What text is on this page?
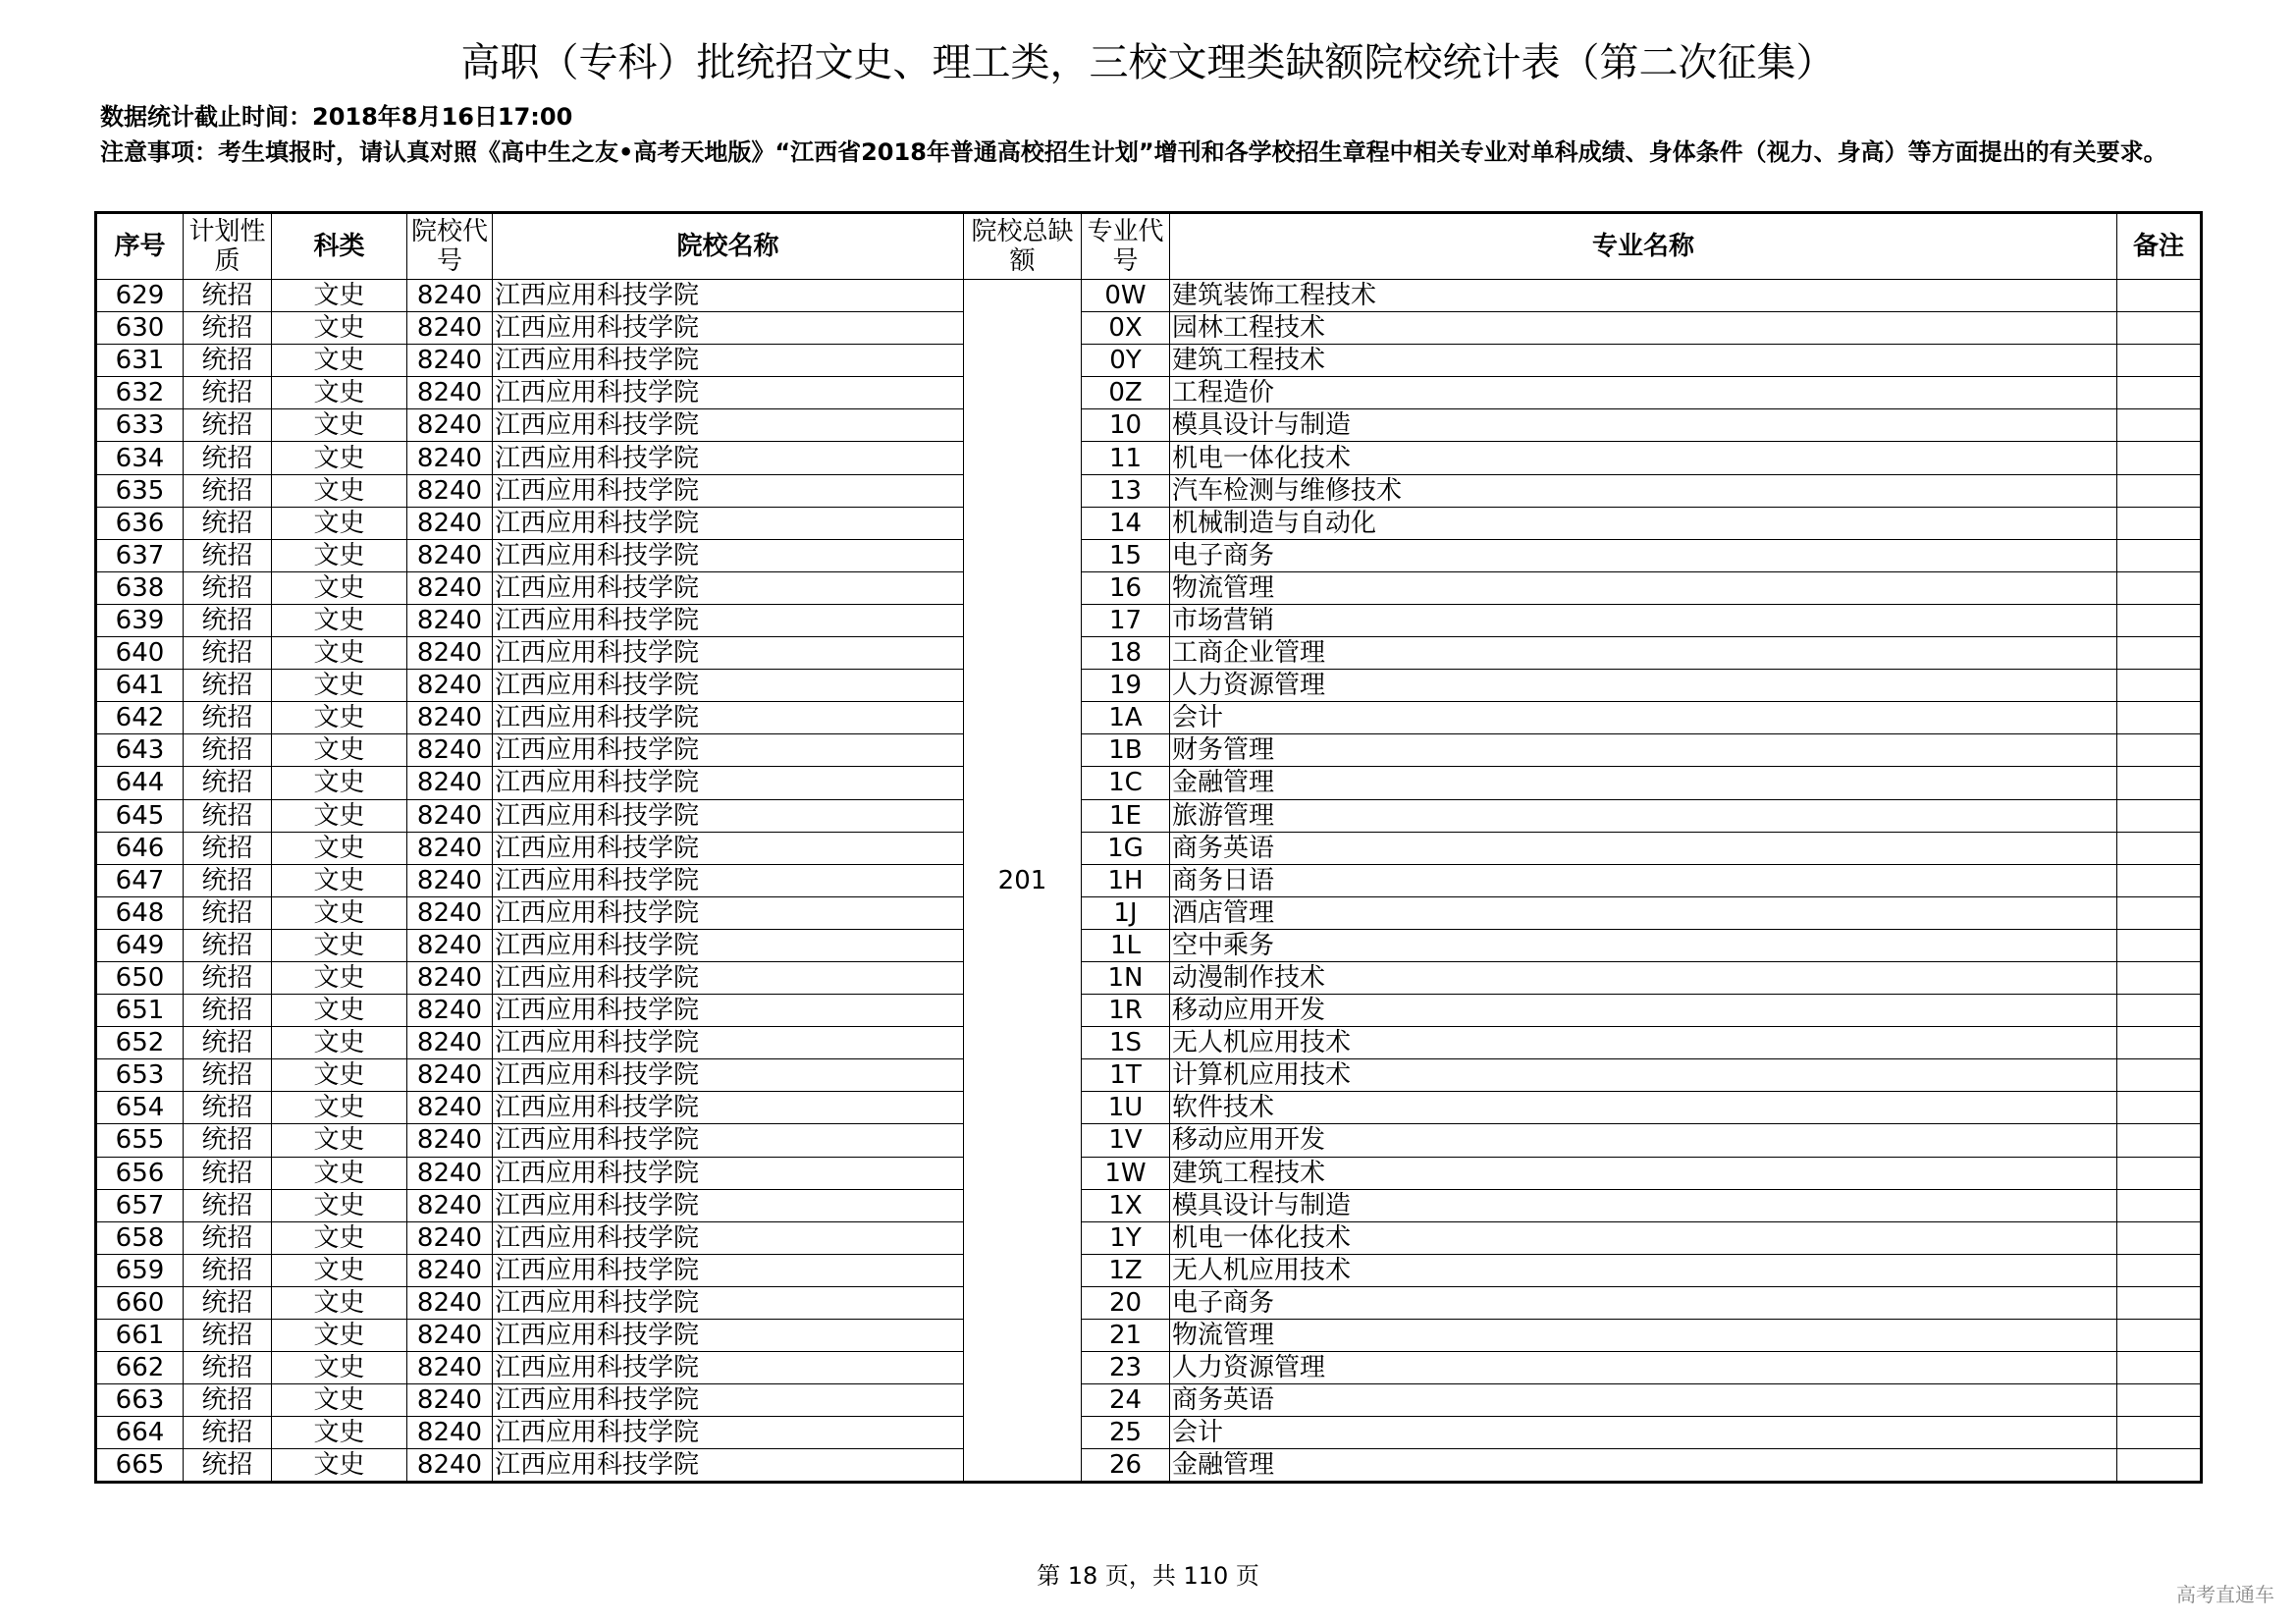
高职（专科）批统招文史、理工类，三校文理类缺额院校统计表（第二次征集）
数据统计截止时间：2018年8月16日17:00
注意事项：考生填报时，请认真对照《高中生之友•高考天地版》“江西省2018年普通高校招生计划”增刊和各学校招生章程中相关专业对单科成绩、身体条件（视力、身高）等方面提出的有关要求。
序号	计划性质	科类	院校代号	院校名称	院校总缺额	专业代号	专业名称	备注
629	统招	文史	8240	江西应用科技学院	201	0W	建筑装饰工程技术	
630	统招	文史	8240	江西应用科技学院		0X	园林工程技术	
631	统招	文史	8240	江西应用科技学院		0Y	建筑工程技术	
632	统招	文史	8240	江西应用科技学院		0Z	工程造价	
633	统招	文史	8240	江西应用科技学院		10	模具设计与制造	
634	统招	文史	8240	江西应用科技学院		11	机电一体化技术	
635	统招	文史	8240	江西应用科技学院		13	汽车检测与维修技术	
636	统招	文史	8240	江西应用科技学院		14	机械制造与自动化	
637	统招	文史	8240	江西应用科技学院		15	电子商务	
638	统招	文史	8240	江西应用科技学院		16	物流管理	
639	统招	文史	8240	江西应用科技学院		17	市场营销	
640	统招	文史	8240	江西应用科技学院		18	工商企业管理	
641	统招	文史	8240	江西应用科技学院		19	人力资源管理	
642	统招	文史	8240	江西应用科技学院		1A	会计	
643	统招	文史	8240	江西应用科技学院		1B	财务管理	
644	统招	文史	8240	江西应用科技学院		1C	金融管理	
645	统招	文史	8240	江西应用科技学院		1E	旅游管理	
646	统招	文史	8240	江西应用科技学院		1G	商务英语	
647	统招	文史	8240	江西应用科技学院		1H	商务日语	
648	统招	文史	8240	江西应用科技学院		1J	酒店管理	
649	统招	文史	8240	江西应用科技学院		1L	空中乘务	
650	统招	文史	8240	江西应用科技学院		1N	动漫制作技术	
651	统招	文史	8240	江西应用科技学院		1R	移动应用开发	
652	统招	文史	8240	江西应用科技学院		1S	无人机应用技术	
653	统招	文史	8240	江西应用科技学院		1T	计算机应用技术	
654	统招	文史	8240	江西应用科技学院		1U	软件技术	
655	统招	文史	8240	江西应用科技学院		1V	移动应用开发	
656	统招	文史	8240	江西应用科技学院		1W	建筑工程技术	
657	统招	文史	8240	江西应用科技学院		1X	模具设计与制造	
658	统招	文史	8240	江西应用科技学院		1Y	机电一体化技术	
659	统招	文史	8240	江西应用科技学院		1Z	无人机应用技术	
660	统招	文史	8240	江西应用科技学院		20	电子商务	
661	统招	文史	8240	江西应用科技学院		21	物流管理	
662	统招	文史	8240	江西应用科技学院		23	人力资源管理	
663	统招	文史	8240	江西应用科技学院		24	商务英语	
664	统招	文史	8240	江西应用科技学院		25	会计	
665	统招	文史	8240	江西应用科技学院		26	金融管理	
第 18 页，共 110 页
高考直通车
